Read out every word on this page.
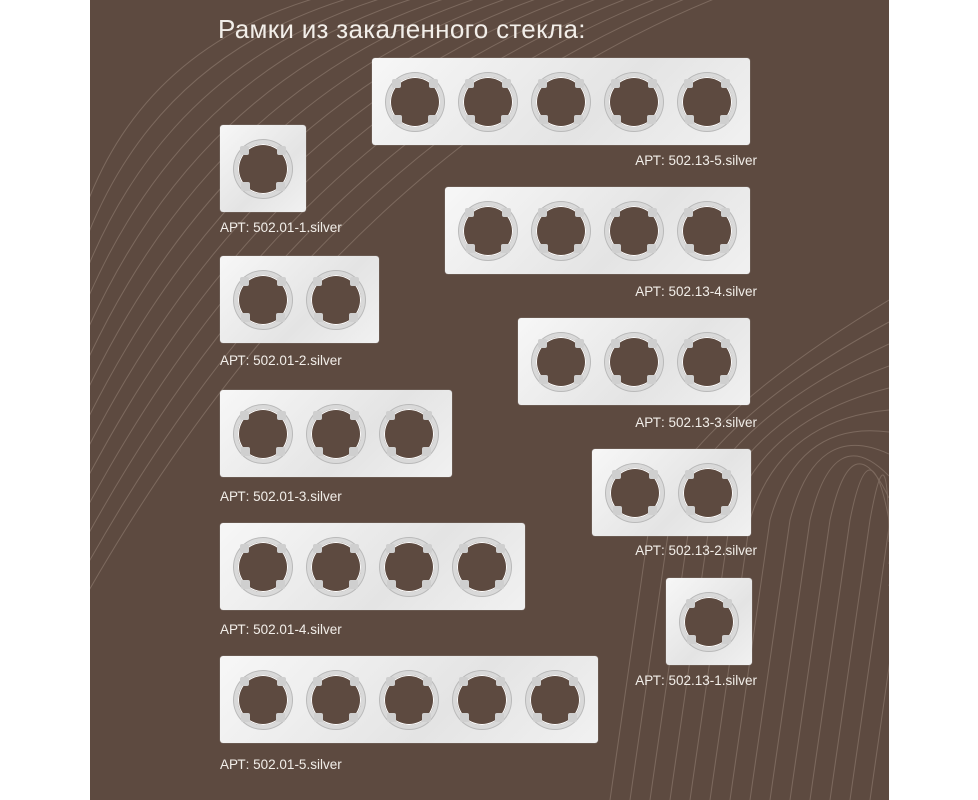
Рамки из закаленного стекла:
АРТ: 502.13-5.silver
АРТ: 502.01-1.silver
АРТ: 502.13-4.silver
АРТ: 502.01-2.silver
АРТ: 502.13-3.silver
АРТ: 502.01-3.silver
АРТ: 502.13-2.silver
АРТ: 502.01-4.silver
АРТ: 502.13-1.silver
АРТ: 502.01-5.silver
